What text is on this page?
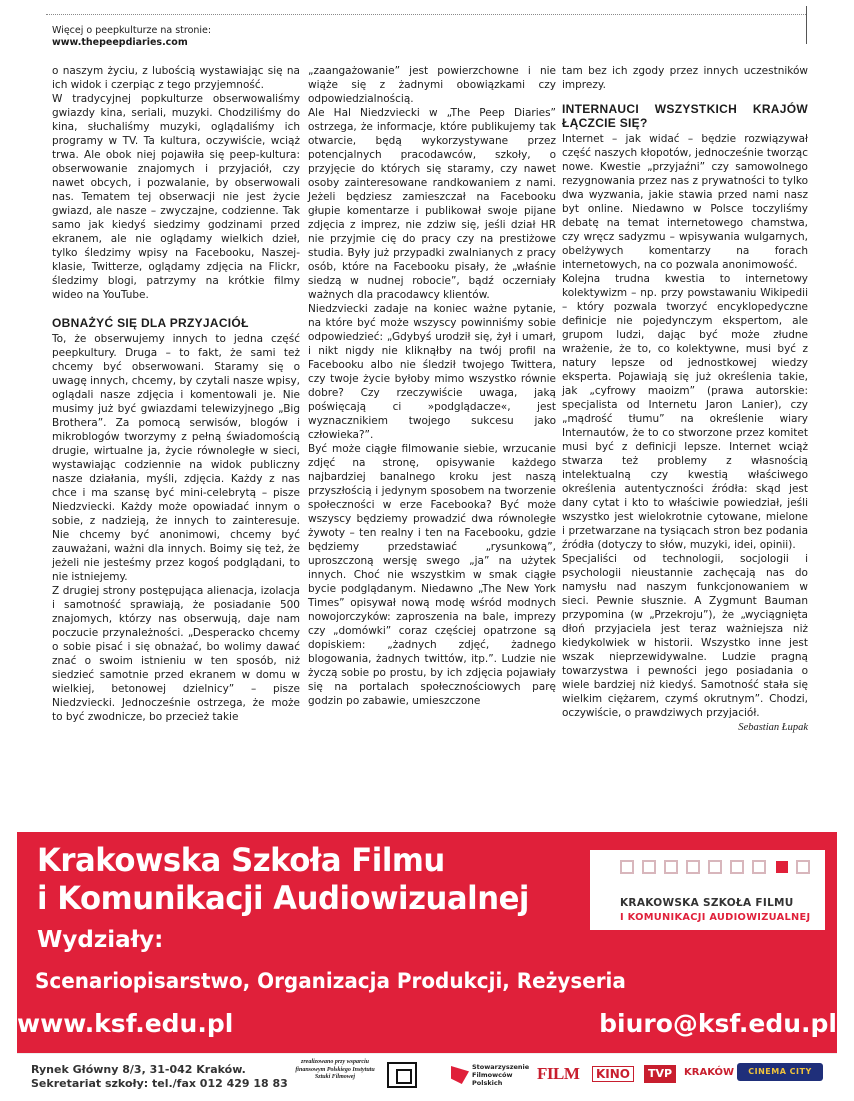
Więcej o peepkulturze na stronie:
www.thepeepdiaries.com

o naszym życiu, z lubością wystawiając się na ich widok i czerpiąc z tego przyjemność.

W tradycyjnej popkulturze obserwowaliśmy gwiazdy kina, seriali, muzyki. Chodziliśmy do kina, słuchaliśmy muzyki, oglądaliśmy ich programy w TV. Ta kultura, oczywiście, wciąż trwa. Ale obok niej pojawiła się peep-kultura: obserwowanie znajomych i przyjaciół, czy nawet obcych, i pozwalanie, by obserwowali nas. Tematem tej obserwacji nie jest życie gwiazd, ale nasze – zwyczajne, codzienne. Tak samo jak kiedyś siedzimy godzinami przed ekranem, ale nie oglądamy wielkich dzieł, tylko śledzimy wpisy na Facebooku, Naszej-klasie, Twitterze, oglądamy zdjęcia na Flickr, śledzimy blogi, patrzymy na krótkie filmy wideo na YouTube.

OBNAŻYĆ SIĘ DLA PRZYJACIÓŁ

To, że obserwujemy innych to jedna część peepkultury. Druga – to fakt, że sami też chcemy być obserwowani. Staramy się o uwagę innych, chcemy, by czytali nasze wpisy, oglądali nasze zdjęcia i komentowali je. Nie musimy już być gwiazdami telewizyjnego „Big Brothera”. Za pomocą serwisów, blogów i mikroblogów tworzymy z pełną świadomością drugie, wirtualne ja, życie równoległe w sieci, wystawiając codziennie na widok publiczny nasze działania, myśli, zdjęcia. Każdy z nas chce i ma szansę być mini-celebrytą – pisze Niedzviecki. Każdy może opowiadać innym o sobie, z nadzieją, że innych to zainteresuje. Nie chcemy być anonimowi, chcemy być zauważani, ważni dla innych. Boimy się też, że jeżeli nie jesteśmy przez kogoś podglądani, to nie istniejemy.

Z drugiej strony postępująca alienacja, izolacja i samotność sprawiają, że posiadanie 500 znajomych, którzy nas obserwują, daje nam poczucie przynależności. „Desperacko chcemy o sobie pisać i się obnażać, bo wolimy dawać znać o swoim istnieniu w ten sposób, niż siedzieć samotnie przed ekranem w domu w wielkiej, betonowej dzielnicy” – pisze Niedzviecki. Jednocześnie ostrzega, że może to być zwodnicze, bo przecież takie

„zaangażowanie” jest powierzchowne i nie wiąże się z żadnymi obowiązkami czy odpowiedzialnością.

Ale Hal Niedzviecki w „The Peep Diaries” ostrzega, że informacje, które publikujemy tak otwarcie, będą wykorzystywane przez potencjalnych pracodawców, szkoły, o przyjęcie do których się staramy, czy nawet osoby zainteresowane randkowaniem z nami. Jeżeli będziesz zamieszczał na Facebooku głupie komentarze i publikował swoje pijane zdjęcia z imprez, nie zdziw się, jeśli dział HR nie przyjmie cię do pracy czy na prestiżowe studia. Były już przypadki zwalnianych z pracy osób, które na Facebooku pisały, że „właśnie siedzą w nudnej robocie”, bądź oczerniały ważnych dla pracodawcy klientów.

Niedzviecki zadaje na koniec ważne pytanie, na które być może wszyscy powinniśmy sobie odpowiedzieć: „Gdybyś urodził się, żył i umarł, i nikt nigdy nie kliknąłby na twój profil na Facebooku albo nie śledził twojego Twittera, czy twoje życie byłoby mimo wszystko równie dobre? Czy rzeczywiście uwaga, jaką poświęcają ci »podglądacze«, jest wyznacznikiem twojego sukcesu jako człowieka?”.

Być może ciągłe filmowanie siebie, wrzucanie zdjęć na stronę, opisywanie każdego najbardziej banalnego kroku jest naszą przyszłością i jedynym sposobem na tworzenie społeczności w erze Facebooka? Być może wszyscy będziemy prowadzić dwa równoległe żywoty – ten realny i ten na Facebooku, gdzie będziemy przedstawiać „rysunkową”, uproszczoną wersję swego „ja” na użytek innych. Choć nie wszystkim w smak ciągłe bycie podglądanym. Niedawno „The New York Times” opisywał nową modę wśród modnych nowojorczyków: zaproszenia na bale, imprezy czy „domówki” coraz częściej opatrzone są dopiskiem: „żadnych zdjęć, żadnego blogowania, żadnych twittów, itp.”. Ludzie nie życzą sobie po prostu, by ich zdjęcia pojawiały się na portalach społecznościowych parę godzin po zabawie, umieszczone

tam bez ich zgody przez innych uczestników imprezy.

INTERNAUCI WSZYSTKICH KRAJÓW ŁĄCZCIE SIĘ?

Internet – jak widać – będzie rozwiązywał część naszych kłopotów, jednocześnie tworząc nowe. Kwestie „przyjaźni” czy samowolnego rezygnowania przez nas z prywatności to tylko dwa wyzwania, jakie stawia przed nami nasz byt online. Niedawno w Polsce toczyliśmy debatę na temat internetowego chamstwa, czy wręcz sadyzmu – wpisywania wulgarnych, obelżywych komentarzy na forach internetowych, na co pozwala anonimowość.

Kolejna trudna kwestia to internetowy kolektywizm – np. przy powstawaniu Wikipedii – który pozwala tworzyć encyklopedyczne definicje nie pojedynczym ekspertom, ale grupom ludzi, dając być może złudne wrażenie, że to, co kolektywne, musi być z natury lepsze od jednostkowej wiedzy eksperta. Pojawiają się już określenia takie, jak „cyfrowy maoizm” (prawa autorskie: specjalista od Internetu Jaron Lanier), czy „mądrość tłumu” na określenie wiary Internautów, że to co stworzone przez komitet musi być z definicji lepsze. Internet wciąż stwarza też problemy z własnością intelektualną czy kwestią właściwego określenia autentyczności źródła: skąd jest dany cytat i kto to właściwie powiedział, jeśli wszystko jest wielokrotnie cytowane, mielone i przetwarzane na tysiącach stron bez podania źródła (dotyczy to słów, muzyki, idei, opinii).

Specjaliści od technologii, socjologii i psychologii nieustannie zachęcają nas do namysłu nad naszym funkcjonowaniem w sieci. Pewnie słusznie. A Zygmunt Bauman przypomina (w „Przekroju”), że „wyciągnięta dłoń przyjaciela jest teraz ważniejsza niż kiedykolwiek w historii. Wszystko inne jest wszak nieprzewidywalne. Ludzie pragną towarzystwa i pewności jego posiadania o wiele bardziej niż kiedyś. Samotność stała się wielkim ciężarem, czymś okrutnym”. Chodzi, oczywiście, o prawdziwych przyjaciół.

Sebastian Łupak
Krakowska Szkoła Filmu
i Komunikacji Audiowizualnej
Wydziały:
Scenariopisarstwo, Organizacja Produkcji, Reżyseria
www.ksf.edu.pl	biuro@ksf.edu.pl
KRAKOWSKA SZKOŁA FILMU
I KOMUNIKACJI AUDIOWIZUALNEJ
Rynek Główny 8/3, 31-042 Kraków.
Sekretariat szkoły: tel./fax 012 429 18 83
zrealizowano przy wsparciu finansowym Polskiego Instytutu Sztuki Filmowej
Stowarzyszenie Filmowców Polskich	FILM	KINO	TVP	KRAKÓW	CINEMA CITY
